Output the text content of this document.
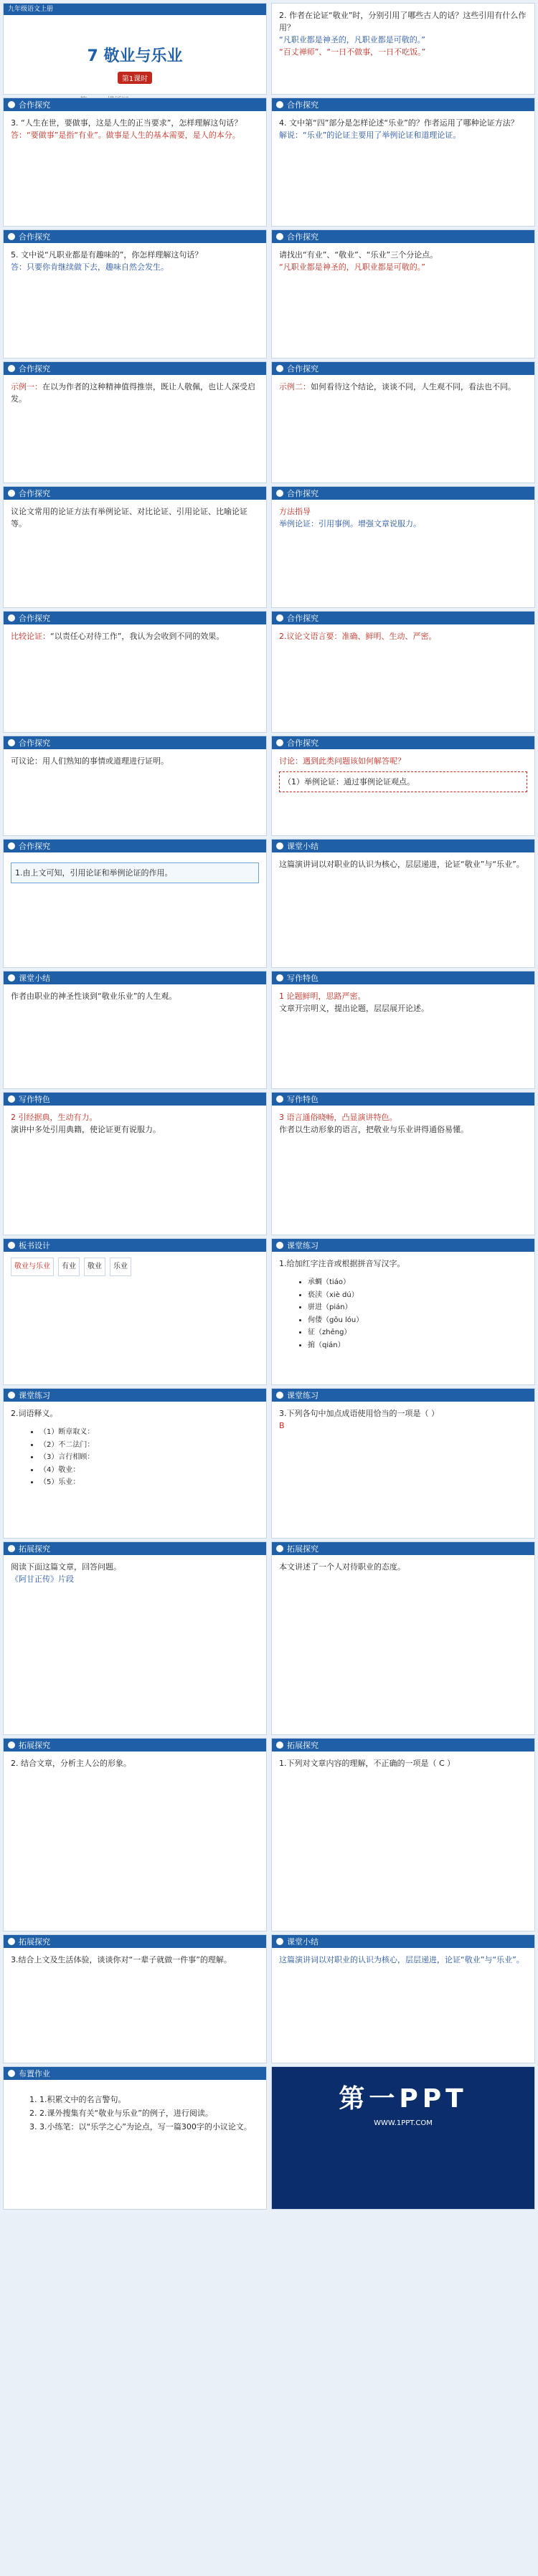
九年级语文上册
7 敬业与乐业
第1课时
2. 作者在论证“敬业”时，分别引用了哪些古人的话？这些引用有什么作用？
“凡职业都是神圣的，凡职业都是可敬的。”
“百丈禅师”、“一日不做事，一日不吃饭。”
合作探究
3. “人生在世，要做事，这是人生的正当要求”，怎样理解这句话？
答：“要做事”是指“有业”。做事是人生的基本需要，是人的本分。
合作探究
4. 文中第“四”部分是怎样论述“乐业”的？作者运用了哪种论证方法？
解说：“乐业”的论证主要用了举例论证和道理论证。
合作探究
5. 文中说“凡职业都是有趣味的”，你怎样理解这句话？
答：只要你肯继续做下去，趣味自然会发生。
合作探究
请找出“有业”、“敬业”、“乐业”三个分论点。
“凡职业都是神圣的，凡职业都是可敬的。”
合作探究
示例一：在以为作者的这种精神值得推崇，既让人敬佩，也让人深受启发。
合作探究
示例二：如何看待这个结论，谈谈不同，人生观不同，看法也不同。
合作探究
议论文常用的论证方法有举例论证、对比论证、引用论证、比喻论证等。
合作探究
方法指导
举例论证：引用事例。增强文章说服力。
合作探究
比较论证：“以责任心对待工作”，我认为会收到不同的效果。
合作探究
2.议论文语言要：准确、鲜明、生动、严密。
合作探究
可议论：用人们熟知的事情或道理进行证明。
合作探究
讨论：遇到此类问题该如何解答呢？
（1）举例论证：通过事例论证观点。
合作探究
1.由上文可知，引用论证和举例论证的作用。
课堂小结
这篇演讲词以对职业的认识为核心，层层递进，论证“敬业”与“乐业”。
课堂小结
作者由职业的神圣性谈到“敬业乐业”的人生观。
写作特色
1 论题鲜明，思路严密。
文章开宗明义，提出论题，层层展开论述。
写作特色
2 引经据典，生动有力。
演讲中多处引用典籍，使论证更有说服力。
写作特色
3 语言通俗晓畅，凸显演讲特色。
作者以生动形象的语言，把敬业与乐业讲得通俗易懂。
板书设计
敬业与乐业	有业	敬业	乐业
课堂练习
1.给加红字注音或根据拼音写汉字。
• 承蜩（tiáo）
• 亵渎（xiè dú）
• 骈进（pián）
• 佝偻（gōu lóu）
• 征（zhēng）
• 掮（qián）
课堂练习
2.词语释义。
• （1）断章取义：
• （2）不二法门：
• （3）言行相顾：
• （4）敬业：
• （5）乐业：
课堂练习
3.下列各句中加点成语使用恰当的一项是（ ）
B
拓展探究
阅读下面这篇文章，回答问题。
《阿甘正传》片段
拓展探究
本文讲述了一个人对待职业的态度。
拓展探究
2. 结合文章，分析主人公的形象。
拓展探究
1.下列对文章内容的理解，不正确的一项是（ C ）
拓展探究
3.结合上文及生活体验，谈谈你对“一辈子就做一件事”的理解。
课堂小结
这篇演讲词以对职业的认识为核心，层层递进，论证“敬业”与“乐业”。
布置作业
1. 1.积累文中的名言警句。
2. 2.课外搜集有关“敬业与乐业”的例子，进行阅读。
3. 3.小练笔：以“乐学之心”为论点，写一篇300字的小议论文。
第一PPT
WWW.1PPT.COM
